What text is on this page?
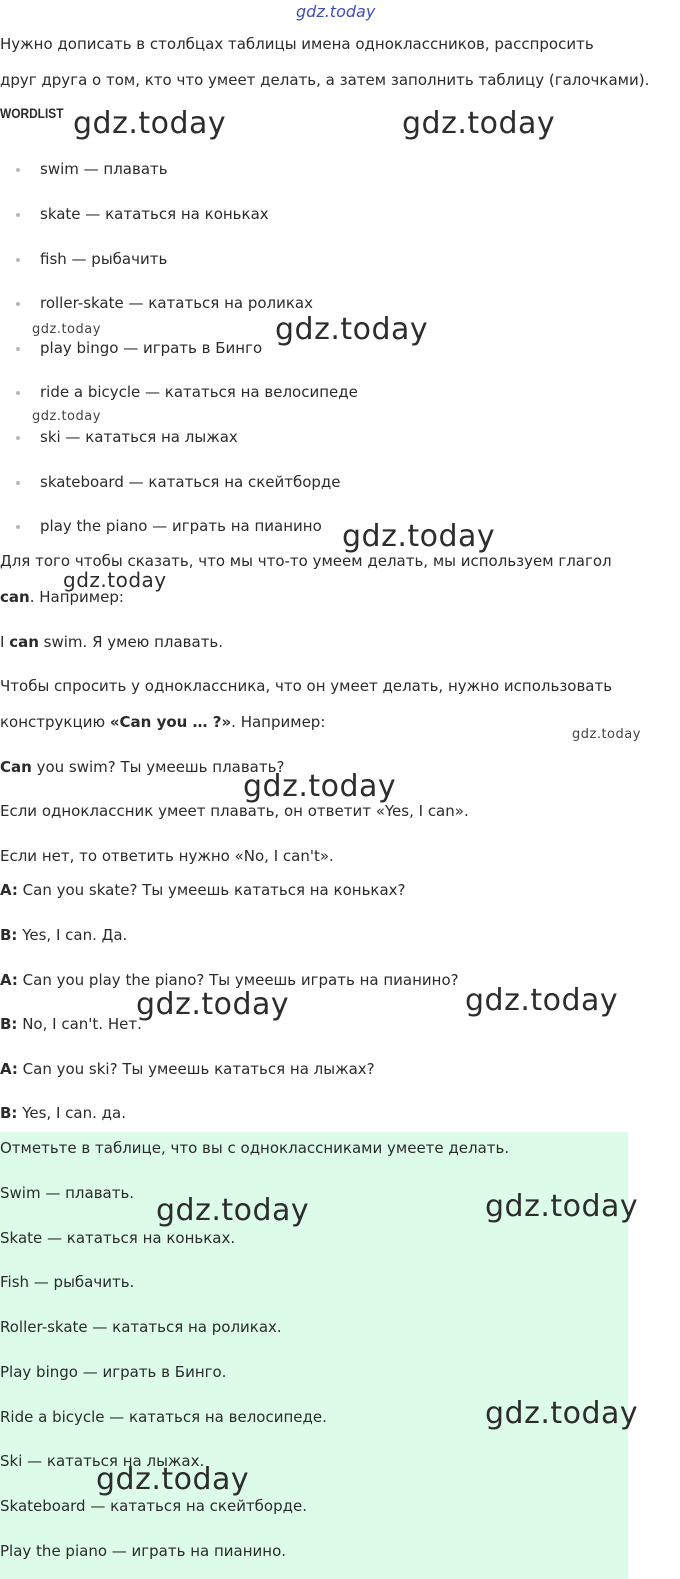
gdz.today
Нужно дописать в столбцах таблицы имена одноклассников, расспросить
друг друга о том, кто что умеет делать, а затем заполнить таблицу (галочками).
WORDLIST
swim — плавать
skate — кататься на коньках
fish — рыбачить
roller-skate — кататься на роликах
play bingo — играть в Бинго
ride a bicycle — кататься на велосипеде
ski — кататься на лыжах
skateboard — кататься на скейтборде
play the piano — играть на пианино
Для того чтобы сказать, что мы что-то умеем делать, мы используем глагол
can. Например:
I can swim. Я умею плавать.
Чтобы спросить у одноклассника, что он умеет делать, нужно использовать
конструкцию «Can you … ?». Например:
Can you swim? Ты умеешь плавать?
Если одноклассник умеет плавать, он ответит «Yes, I can».
Если нет, то ответить нужно «No, I can't».
A: Can you skate? Ты умеешь кататься на коньках?
B: Yes, I can. Да.
A: Can you play the piano? Ты умеешь играть на пианино?
B: No, I can't. Нет.
A: Can you ski? Ты умеешь кататься на лыжах?
B: Yes, I can. да.
Отметьте в таблице, что вы с одноклассниками умеете делать.
Swim — плавать.
Skate — кататься на коньках.
Fish — рыбачить.
Roller-skate — кататься на роликах.
Play bingo — играть в Бинго.
Ride a bicycle — кататься на велосипеде.
Ski — кататься на лыжах.
Skateboard — кататься на скейтборде.
Play the piano — играть на пианино.
gdz.today	gdz.today
gdz.today	gdz.today
gdz.today
gdz.today
gdz.today
gdz.today
gdz.today
gdz.today	gdz.today
gdz.today	gdz.today
gdz.today
gdz.today
